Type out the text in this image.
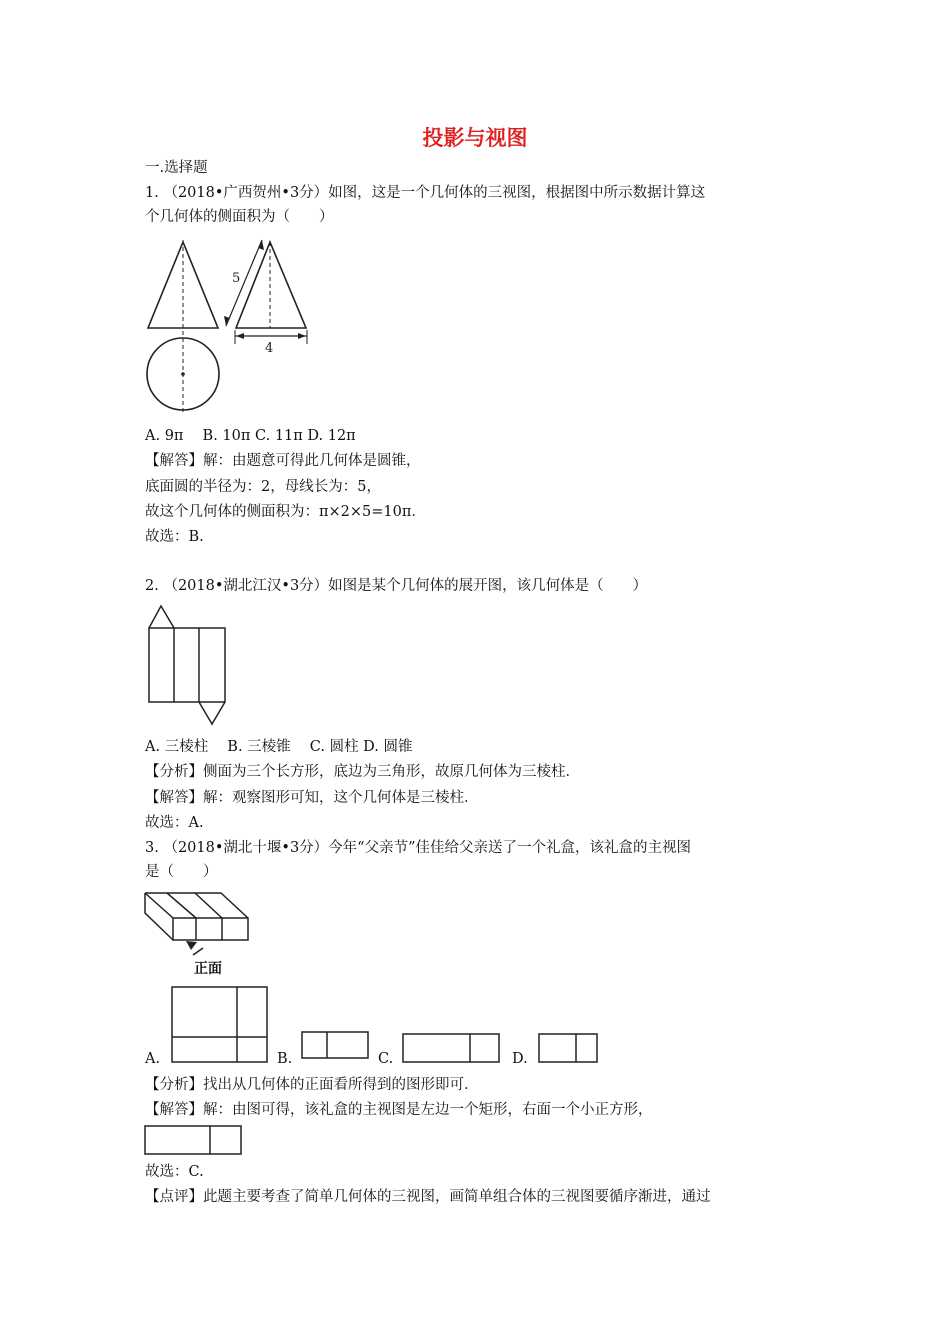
投影与视图
一.选择题
1. （2018•广西贺州•3分）如图，这是一个几何体的三视图，根据图中所示数据计算这
个几何体的侧面积为（　　）
5
4
A. 9π　 B. 10π C. 11π D. 12π
【解答】解：由题意可得此几何体是圆锥，
底面圆的半径为：2，母线长为：5，
故这个几何体的侧面积为：π×2×5=10π．
故选：B.
2. （2018•湖北江汉•3分）如图是某个几何体的展开图，该几何体是（　　）
A. 三棱柱　 B. 三棱锥　 C. 圆柱 D. 圆锥
【分析】侧面为三个长方形，底边为三角形，故原几何体为三棱柱．
【解答】解：观察图形可知，这个几何体是三棱柱．
故选：A.
3. （2018•湖北十堰•3分）今年“父亲节”佳佳给父亲送了一个礼盒，该礼盒的主视图
是（　　）
正面
A.	B.	C.	D.
【分析】找出从几何体的正面看所得到的图形即可．
【解答】解：由图可得，该礼盒的主视图是左边一个矩形，右面一个小正方形，
故选：C.
【点评】此题主要考查了简单几何体的三视图，画简单组合体的三视图要循序渐进，通过
